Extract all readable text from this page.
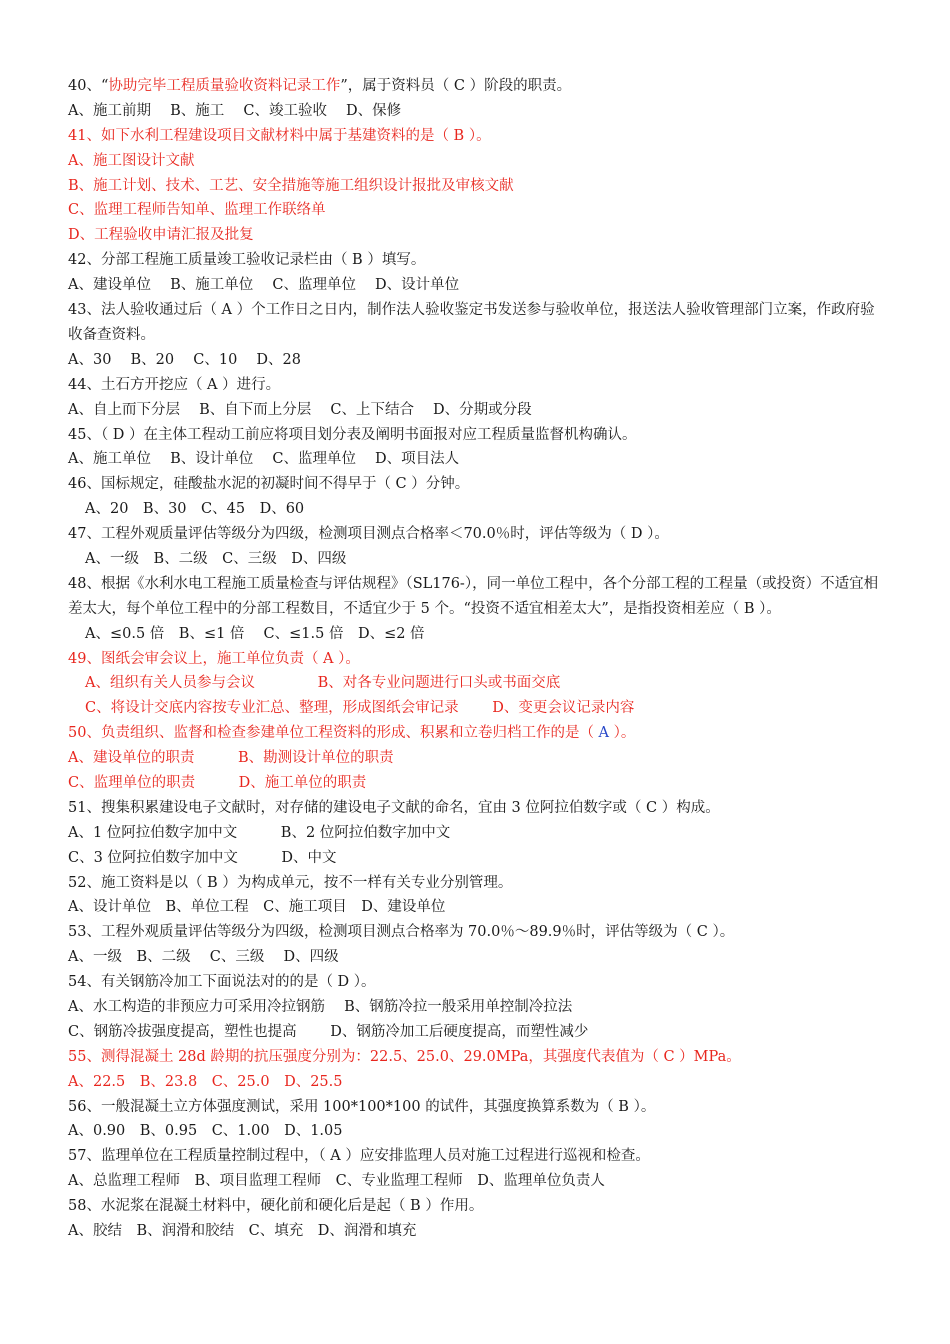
40、“协助完毕工程质量验收资料记录工作”，属于资料员（ C ）阶段的职责。
A、施工前期　 B、施工　 C、竣工验收　 D、保修
41、如下水利工程建设项目文献材料中属于基建资料的是（ B ）。
A、施工图设计文献
B、施工计划、技术、工艺、安全措施等施工组织设计报批及审核文献
C、监理工程师告知单、监理工作联络单
D、工程验收申请汇报及批复
42、分部工程施工质量竣工验收记录栏由（ B ）填写。
A、建设单位　 B、施工单位　 C、监理单位　 D、设计单位
43、法人验收通过后（ A ）个工作日之日内，制作法人验收鉴定书发送参与验收单位，报送法人验收管理部门立案，作政府验收备查资料。
A、30　 B、20　 C、10　 D、28
44、土石方开挖应（ A ）进行。
A、自上而下分层　 B、自下而上分层　 C、上下结合　 D、分期或分段
45、（ D ）在主体工程动工前应将项目划分表及阐明书面报对应工程质量监督机构确认。
A、施工单位　 B、设计单位　 C、监理单位　 D、项目法人
46、国标规定，硅酸盐水泥的初凝时间不得早于（ C ）分钟。
A、20　B、30　C、45　D、60
47、工程外观质量评估等级分为四级，检测项目测点合格率＜70.0％时，评估等级为（ D ）。
A、一级　B、二级　C、三级　D、四级
48、根据《水利水电工程施工质量检查与评估规程》（SL176-），同一单位工程中，各个分部工程的工程量（或投资）不适宜相差太大，每个单位工程中的分部工程数目，不适宜少于 5 个。“投资不适宜相差太大”，是指投资相差应（ B ）。
A、≤0.5 倍　B、≤1 倍　 C、≤1.5 倍　D、≤2 倍
49、图纸会审会议上，施工单位负责（ A ）。
A、组织有关人员参与会议　　　　 B、对各专业问题进行口头或书面交底
C、将设计交底内容按专业汇总、整理，形成图纸会审记录　　 D、变更会议记录内容
50、负责组织、监督和检查参建单位工程资料的形成、积累和立卷归档工作的是（ A ）。
A、建设单位的职责　　　B、勘测设计单位的职责
C、监理单位的职责　　　D、施工单位的职责
51、搜集积累建设电子文献时，对存储的建设电子文献的命名，宜由 3 位阿拉伯数字或（ C ）构成。
A、1 位阿拉伯数字加中文　　　B、2 位阿拉伯数字加中文
C、3 位阿拉伯数字加中文　　　D、中文
52、施工资料是以（ B ）为构成单元，按不一样有关专业分别管理。
A、设计单位　B、单位工程　C、施工项目　D、建设单位
53、工程外观质量评估等级分为四级，检测项目测点合格率为 70.0％～89.9％时，评估等级为（ C ）。
A、一级　B、二级　 C、三级　 D、四级
54、有关钢筋冷加工下面说法对的的是（ D ）。
A、水工构造的非预应力可采用冷拉钢筋　 B、钢筋冷拉一般采用单控制冷拉法
C、钢筋冷拔强度提高，塑性也提高　　 D、钢筋冷加工后硬度提高，而塑性减少
55、测得混凝土 28d 龄期的抗压强度分别为：22.5、25.0、29.0MPa，其强度代表值为（ C ）MPa。
A、22.5　B、23.8　C、25.0　D、25.5
56、一般混凝土立方体强度测试，采用 100*100*100 的试件，其强度换算系数为（ B ）。
A、0.90　B、0.95　C、1.00　D、1.05
57、监理单位在工程质量控制过程中，（ A ）应安排监理人员对施工过程进行巡视和检查。
A、总监理工程师　B、项目监理工程师　C、专业监理工程师　D、监理单位负责人
58、水泥浆在混凝土材料中，硬化前和硬化后是起（ B ）作用。
A、胶结　B、润滑和胶结　C、填充　D、润滑和填充
